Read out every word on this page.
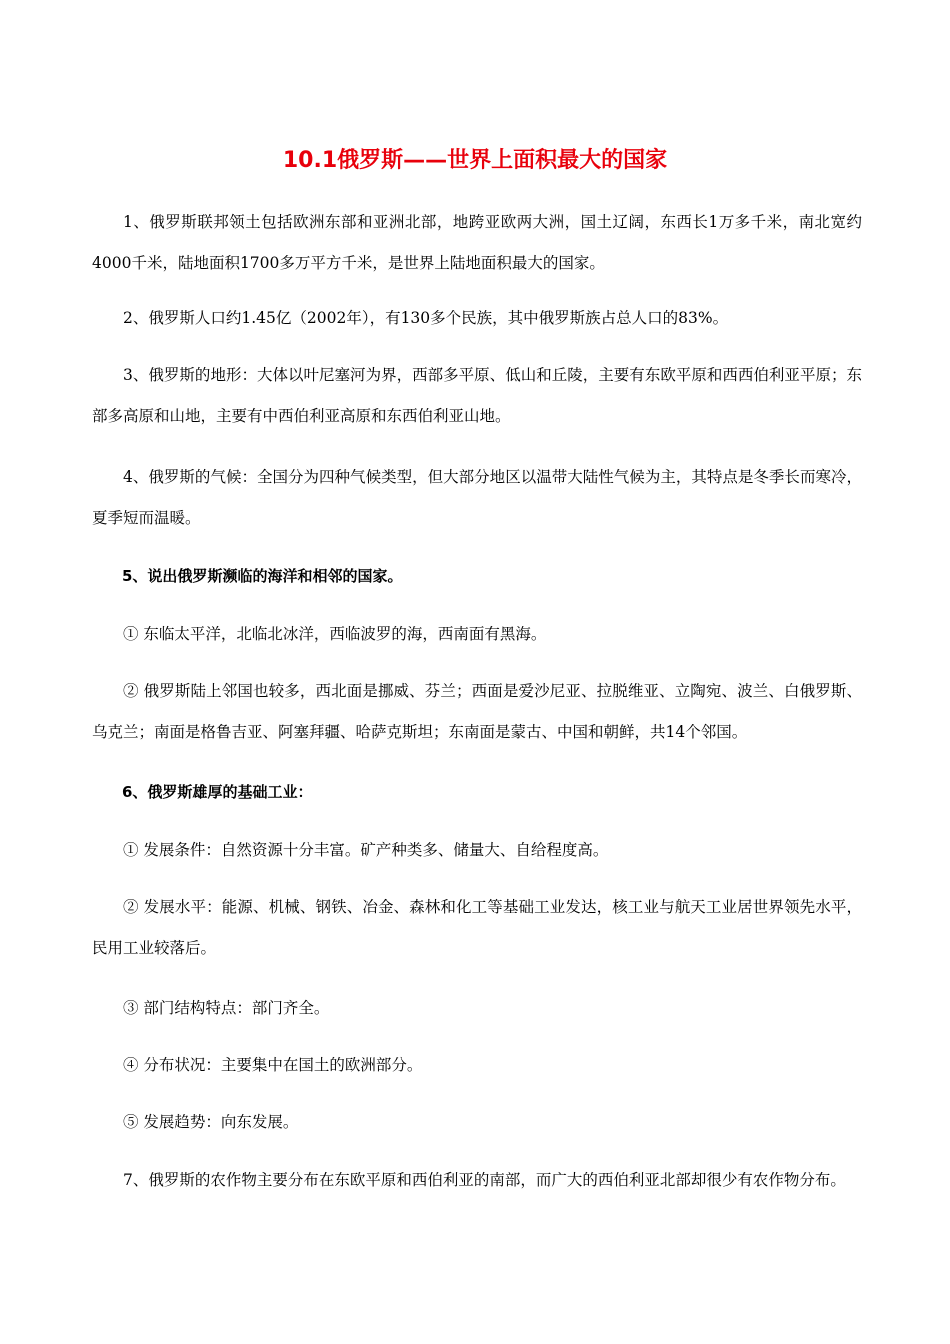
10.1俄罗斯——世界上面积最大的国家

1、俄罗斯联邦领土包括欧洲东部和亚洲北部，地跨亚欧两大洲，国土辽阔，东西长1万多千米，南北宽约4000千米，陆地面积1700多万平方千米，是世界上陆地面积最大的国家。

2、俄罗斯人口约1.45亿（2002年），有130多个民族，其中俄罗斯族占总人口的83%。

3、俄罗斯的地形：大体以叶尼塞河为界，西部多平原、低山和丘陵，主要有东欧平原和西西伯利亚平原；东部多高原和山地，主要有中西伯利亚高原和东西伯利亚山地。

4、俄罗斯的气候：全国分为四种气候类型，但大部分地区以温带大陆性气候为主，其特点是冬季长而寒冷，夏季短而温暖。

5、说出俄罗斯濒临的海洋和相邻的国家。

① 东临太平洋，北临北冰洋，西临波罗的海，西南面有黑海。

② 俄罗斯陆上邻国也较多，西北面是挪威、芬兰；西面是爱沙尼亚、拉脱维亚、立陶宛、波兰、白俄罗斯、乌克兰；南面是格鲁吉亚、阿塞拜疆、哈萨克斯坦；东南面是蒙古、中国和朝鲜，共14个邻国。

6、俄罗斯雄厚的基础工业：

① 发展条件：自然资源十分丰富。矿产种类多、储量大、自给程度高。

② 发展水平：能源、机械、钢铁、冶金、森林和化工等基础工业发达，核工业与航天工业居世界领先水平，民用工业较落后。

③ 部门结构特点：部门齐全。

④ 分布状况：主要集中在国土的欧洲部分。

⑤ 发展趋势：向东发展。

7、俄罗斯的农作物主要分布在东欧平原和西伯利亚的南部，而广大的西伯利亚北部却很少有农作物分布。
